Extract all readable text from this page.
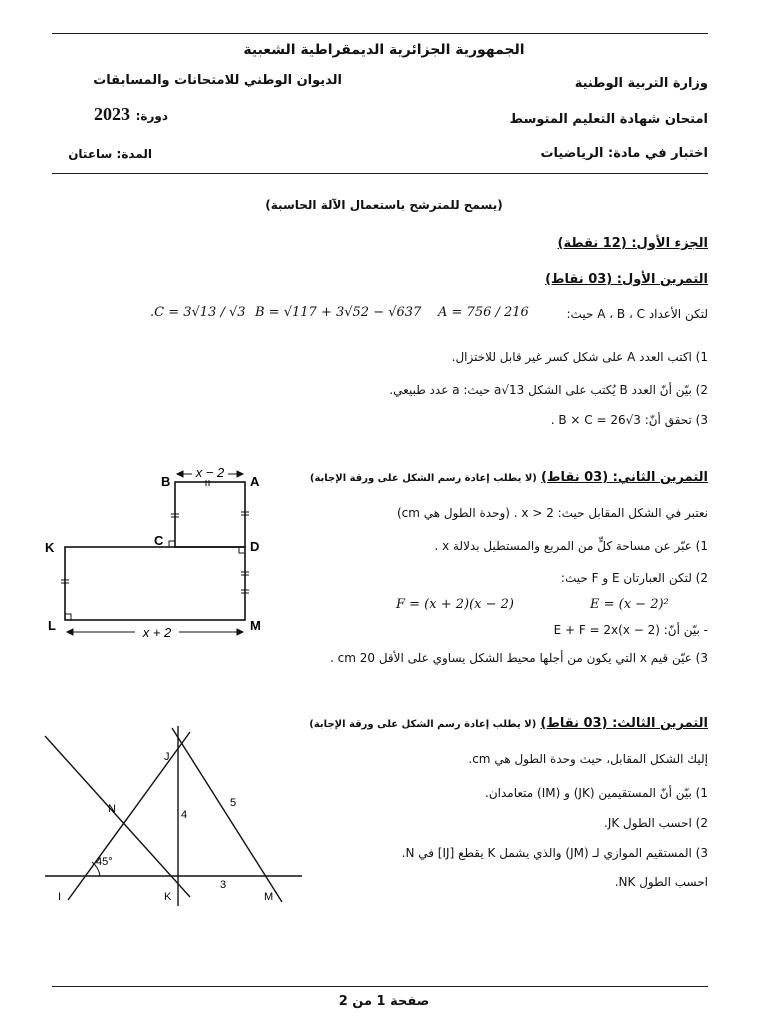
الجمهورية الجزائرية الديمقراطية الشعبية
وزارة التربية الوطنية
الديوان الوطني للامتحانات والمسابقات
امتحان شهادة التعليم المتوسط
دورة: 2023
اختبار في مادة: الرياضيات
المدة: ساعتان
(يسمح للمترشح باستعمال الآلة الحاسبة)
الجزء الأول: (12 نقطة)
التمرين الأول: (03 نقاط)
لتكن الأعداد A ، B ، C حيث:
A = 756 / 216
B = √117 + 3√52 − √637
.C = 3√13 / √3
1) اكتب العدد A على شكل كسر غير قابل للاختزال.
2) بيّن أنّ العدد B يُكتب على الشكل a√13 حيث: a عدد طبيعي.
3) تحقق أنّ: B × C = 26√3 .
التمرين الثاني: (03 نقاط) (لا يطلب إعادة رسم الشكل على ورقة الإجابة)
نعتبر في الشكل المقابل حيث: x > 2 . (وحدة الطول هي cm)
1) عبّر عن مساحة كلٍّ من المربع والمستطيل بدلالة x .
2) لتكن العبارتان E و F حيث:
F = (x + 2)(x − 2)	E = (x − 2)²
- بيّن أنّ: E + F = 2x(x − 2)
3) عيّن قيم x التي يكون من أجلها محيط الشكل يساوي على الأقل 20 cm .
x − 2
x + 2
B	A
C	D
K
L	M
التمرين الثالث: (03 نقاط) (لا يطلب إعادة رسم الشكل على ورقة الإجابة)
إليك الشكل المقابل، حيث وحدة الطول هي cm.
1) بيّن أنّ المستقيمين (JK) و (IM) متعامدان.
2) احسب الطول JK.
3) المستقيم الموازي لـ (JM) والذي يشمل K يقطع [IJ] في N.
احسب الطول NK.
45°
4
5
3
J
N
I	K	M
صفحة 1 من 2
